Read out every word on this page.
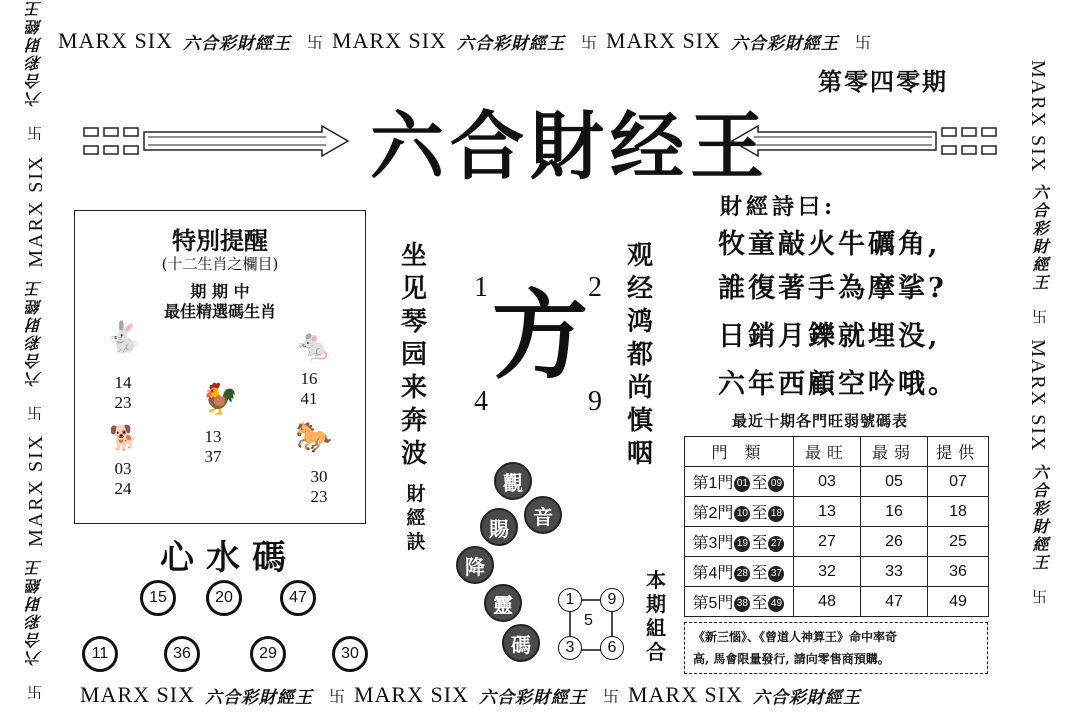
MARX SIX 六合彩財經王 卐 MARX SIX 六合彩財經王 卐 MARX SIX 六合彩財經王 卐
MARX SIX 六合彩財經王 卐 MARX SIX 六合彩財經王 卐 MARX SIX 六合彩財經王
卐 六合彩財經王 MARX SIX 卐 六合彩財經王 MARX SIX 卐 六合彩財經王
MARX SIX 六合彩財經王 卐 MARX SIX 六合彩財經王 卐
第零四零期
六合財经王
特別提醒
(十二生肖之欄目)
期 期 中
最佳精選碼生肖
🐇
14
23
🐁
16
41
🐓
13
37
🐕
03
24
🐎
30
23
心水碼
15	20	47
11	36	29	30
坐
见
琴
园
来
奔
波
观
经
鸿
都
尚
慎
咽
1	2
4	9
方
財
經
訣
觀
音
賜
降
靈
碼
1	9
5
3	6
本
期
組
合
財經詩曰:
牧童敲火牛礪角,
誰復著手為摩挲?
日銷月鑠就埋没,
六年西顧空吟哦。
最近十期各門旺弱號碼表
門 類	最旺	最弱	提供
第1門 01 至 09	03	05	07
第2門 10 至 18	13	16	18
第3門 19 至 27	27	26	25
第4門 28 至 37	32	33	36
第5門 38 至 49	48	47	49
《新三惱》、《曾道人神算王》命中率奇
高, 馬會限量發行, 請向零售商預購。
